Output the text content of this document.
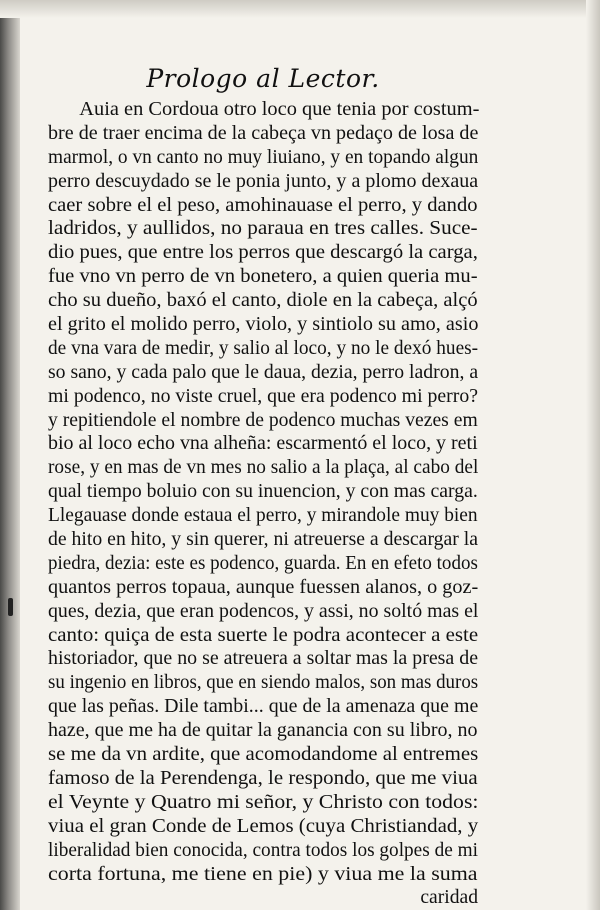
Prologo al Lector.
Auia en Cordoua otro loco que tenia por costum-
bre de traer encima de la cabeça vn pedaço de losa de
marmol, o vn canto no muy liuiano, y en topando algun
perro descuydado se le ponia junto, y a plomo dexaua
caer sobre el el peso, amohinauase el perro, y dando
ladridos, y aullidos, no paraua en tres calles. Suce-
dio pues, que entre los perros que descargó la carga,
fue vno vn perro de vn bonetero, a quien queria mu-
cho su dueño, baxó el canto, diole en la cabeça, alçó
el grito el molido perro, violo, y sintiolo su amo, asio
de vna vara de medir, y salio al loco, y no le dexó hues-
so sano, y cada palo que le daua, dezia, perro ladron, a
mi podenco, no viste cruel, que era podenco mi perro?
y repitiendole el nombre de podenco muchas vezes em
bio al loco echo vna alheña: escarmentó el loco, y reti
rose, y en mas de vn mes no salio a la plaça, al cabo del
qual tiempo boluio con su inuencion, y con mas carga.
Llegauase donde estaua el perro, y mirandole muy bien
de hito en hito, y sin querer, ni atreuerse a descargar la
piedra, dezia: este es podenco, guarda. En en efeto todos
quantos perros topaua, aunque fuessen alanos, o goz-
ques, dezia, que eran podencos, y assi, no soltó mas el
canto: quiça de esta suerte le podra acontecer a este
historiador, que no se atreuera a soltar mas la presa de
su ingenio en libros, que en siendo malos, son mas duros
que las peñas. Dile tambi... que de la amenaza que me
haze, que me ha de quitar la ganancia con su libro, no
se me da vn ardite, que acomodandome al entremes
famoso de la Perendenga, le respondo, que me viua
el Veynte y Quatro mi señor, y Christo con todos:
viua el gran Conde de Lemos (cuya Christiandad, y
liberalidad bien conocida, contra todos los golpes de mi
corta fortuna, me tiene en pie) y viua me la suma
caridad
